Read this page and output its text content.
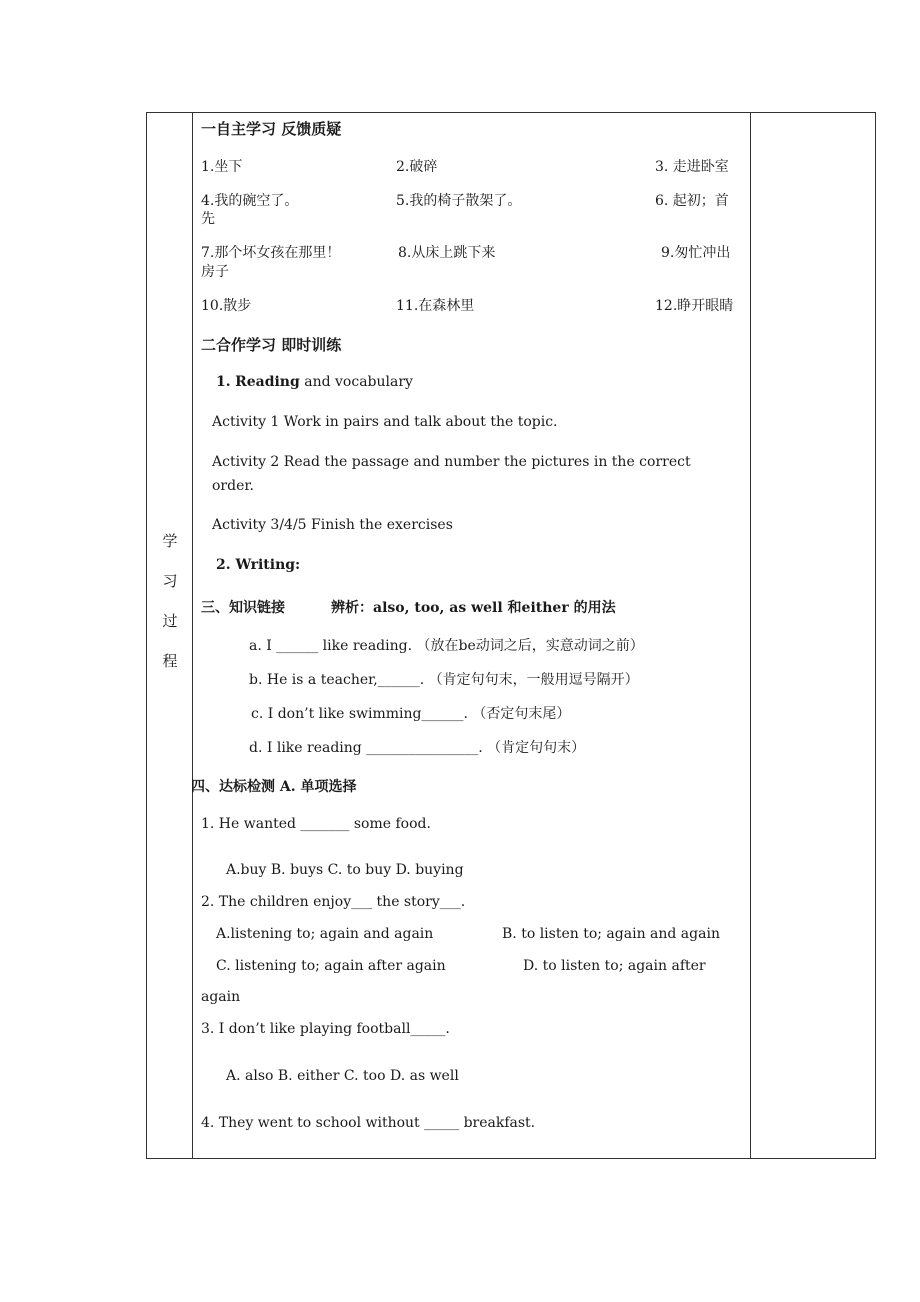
学
习
过
程
一自主学习 反馈质疑
1.坐下	2.破碎	3. 走进卧室
4.我的碗空了。	5.我的椅子散架了。	6. 起初；首
先
7.那个坏女孩在那里！	8.从床上跳下来	9.匆忙冲出
房子
10.散步	11.在森林里	12.睁开眼睛
二合作学习 即时训练
1. Reading and vocabulary
Activity 1 Work in pairs and talk about the topic.
Activity 2 Read the passage and number the pictures in the correct
order.
Activity 3/4/5 Finish the exercises
2. Writing:
三、知识链接	辨析：also, too, as well 和either 的用法
a. I ______ like reading. （放在be动词之后，实意动词之前）
b. He is a teacher,______. （肯定句句末，一般用逗号隔开）
c. I don’t like swimming______. （否定句末尾）
d. I like reading ________________. （肯定句句末）
四、达标检测 A. 单项选择
1. He wanted _______ some food.
A.buy B. buys C. to buy D. buying
2. The children enjoy___ the story___.
A.listening to; again and again	B. to listen to; again and again
C. listening to; again after again	D. to listen to; again after
again
3. I don’t like playing football_____.
A. also B. either C. too D. as well
4. They went to school without _____ breakfast.
